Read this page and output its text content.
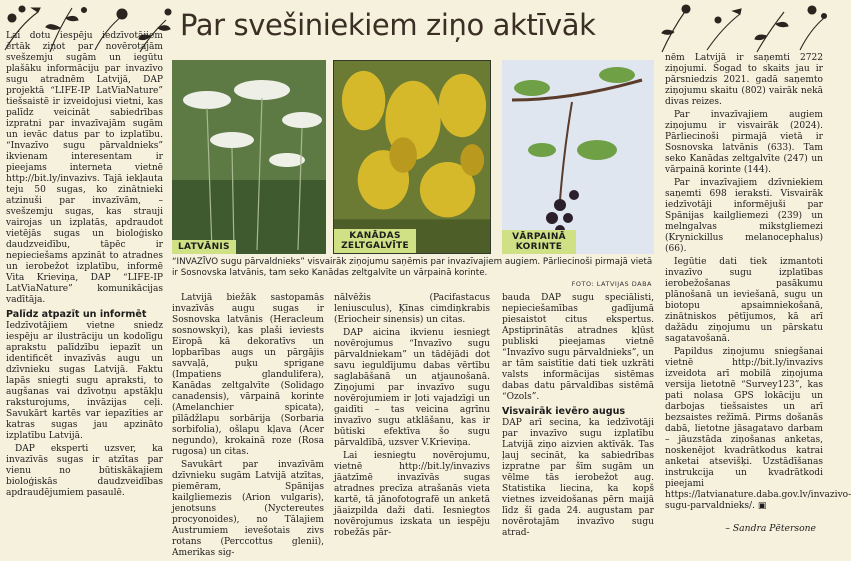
Par svešiniekiem ziņo aktīvāk

Lai dotu iespēju iedzīvotājiem ērtāk ziņot par novērotajām svešzemju sugām un iegūtu plašāku informāciju par invazīvo sugu atradnēm Latvijā, DAP projektā “LIFE-IP LatViaNature” tiešsaistē ir izveidojusi vietni, kas palīdz veicināt sabiedrības izpratni par invazīvajām sugām un ievāc datus par to izplatību. “Invazīvo sugu pārvaldnieks” ikvienam interesentam ir pieejams interneta vietnē http://bit.ly/invazivs. Tajā iekļauta teju 50 sugas, ko zinātnieki atzinuši par invazīvām, – svešzemju sugas, kas strauji vairojas un izplatās, apdraudot vietējās sugas un bioloģisko daudzveidību, tāpēc ir nepieciešams apzināt to atradnes un ierobežot izplatību, informē Vita Krieviņa, DAP “LIFE-IP LatViaNature” komunikācijas vadītāja.

Palīdz atpazīt un informēt

Iedzīvotājiem vietne sniedz iespēju ar ilustrāciju un kodolīgu aprakstu palīdzību iepazīt un identificēt invazīvās augu un dzīvnieku sugas Latvijā. Faktu lapās sniegti sugu apraksti, to augšanas vai dzīvotņu apstākļu raksturojums, invāzijas ceļi. Savukārt kartēs var iepazīties ar katras sugas jau apzināto izplatību Latvijā.

DAP eksperti uzsver, ka invazīvās sugas ir atzītas par vienu no būtiskākajiem bioloģiskās daudzveidības apdraudējumiem pasaulē.

LATVĀNIS
KANĀDAS ZELTGALVĪTE
VĀRPAINĀ KORINTE
“INVAZĪVO sugu pārvaldnieks” visvairāk ziņojumu saņēmis par invazīvajiem augiem. Pārliecinoši pirmajā vietā ir Sosnovska latvānis, tam seko Kanādas zeltgalvīte un vārpainā korinte.
FOTO: LATVIJAS DABA

Latvijā biežāk sastopamās invazīvās augu sugas ir Sosnovska latvānis (Heracleum sosnowskyi), kas plaši ieviests Eiropā kā dekoratīvs un lopbarības augs un pārgājis savvaļā, puķu sprigane (Impatiens glandulifera), Kanādas zeltgalvīte (Solidago canadensis), vārpainā korinte (Amelanchier spicata), pīlādžlapu sorbārija (Sorbaria sorbifolia), ošlapu kļava (Acer negundo), krokainā roze (Rosa rugosa) un citas.

Savukārt par invazīvām dzīvnieku sugām Latvijā atzītas, piemēram, Spānijas kailgliemezis (Arion vulgaris), jenotsuns (Nyctereutes procyonoides), no Tālajiem Austrumiem ievešotais zivs rotans (Perccottus glenii), Amerikas sig-

nālvēžis (Pacifastacus leniusculus), Ķīnas cimdiņkrabis (Eriocheir sinensis) un citas.

DAP aicina ikvienu iesniegt novērojumus “Invazīvo sugu pārvaldniekam” un tādējādi dot savu ieguldījumu dabas vērtību saglabāšanā un atjaunošanā. Ziņojumi par invazīvo sugu novērojumiem ir ļoti vajadzīgi un gaidīti – tas veicina agrīnu invazīvo sugu atklāšanu, kas ir būtiski efektīva šo sugu pārvaldībā, uzsver V.Krieviņa.

Lai iesniegtu novērojumu, vietnē http://bit.ly/invazivs jāatzīmē invazīvās sugas atradnes precīza atrašanās vieta kartē, tā jānofotografē un anketā jāaizpilda daži dati. Iesniegtos novērojumus izskata un iespēju robežās pār-

bauda DAP sugu speciālisti, nepieciešamības gadījumā piesaistot citus ekspertus. Apstiprinātās atradnes kļūst publiski pieejamas vietnē “Invazīvo sugu pārvaldnieks”, un ar tām saistītie dati tiek uzkrāti valsts informācijas sistēmas dabas datu pārvaldības sistēmā “Ozols”.

Visvairāk ievēro augus

DAP arī secina, ka iedzīvotāji par invazīvo sugu izplatību Latvijā ziņo aizvien aktīvāk. Tas ļauj secināt, ka sabiedrības izpratne par šīm sugām un vēlme tās ierobežot aug. Statistika liecina, ka kopš vietnes izveidošanas pērn maijā līdz šī gada 24. augustam par novērotajām invazīvo sugu atrad-

nēm Latvijā ir saņemti 2722 ziņojumi. Šogad to skaits jau ir pārsniedzis 2021. gadā saņemto ziņojumu skaitu (802) vairāk nekā divas reizes.

Par invazīvajiem augiem ziņojumu ir visvairāk (2024). Pārliecinoši pirmajā vietā ir Sosnovska latvānis (633). Tam seko Kanādas zeltgalvīte (247) un vārpainā korinte (144).

Par invazīvajiem dzīvniekiem saņemti 698 ieraksti. Visvairāk iedzīvotāji informējuši par Spānijas kailgliemezi (239) un melngalvas mikstgliemezi (Krynickillus melanocephalus) (66).

Iegūtie dati tiek izmantoti invazīvo sugu izplatības ierobežošanas pasākumu plānošanā un ieviešanā, sugu un biotopu apsaimniekošanā, zinātniskos pētījumos, kā arī dažādu ziņojumu un pārskatu sagatavošanā.

Papildus ziņojumu sniegšanai vietnē http://bit.ly/invazivs izveidota arī mobilā ziņojuma versija lietotnē “Survey123”, kas pati nolasa GPS lokāciju un darbojas tiešsaistes un arī bezsaistes režīmā. Pirms došanās dabā, lietotne jāsagatavo darbam – jāuzstāda ziņošanas anketas, noskenējot kvadrātkodus katrai anketai atsevišķi. Uzstādīšanas instrukcija un kvadrātkodi pieejami https://latvianature.daba.gov.lv/invazivo-sugu-parvaldnieks/. ▣

– Sandra Pētersone
